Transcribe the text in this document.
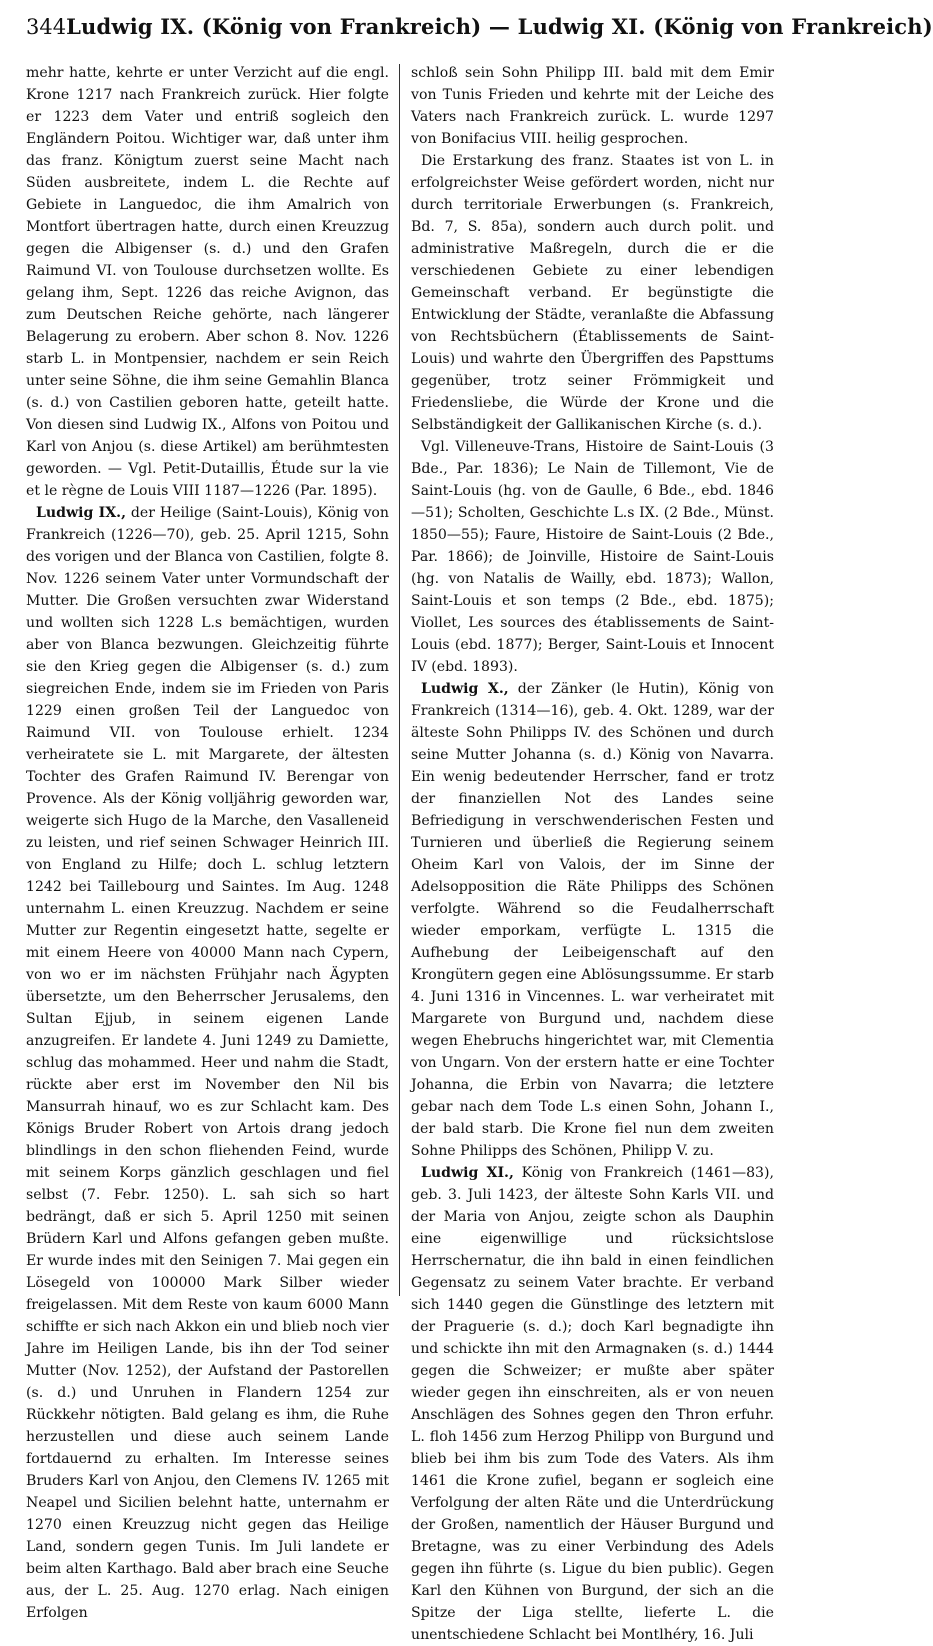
344 Ludwig IX. (König von Frankreich) — Ludwig XI. (König von Frankreich)

mehr hatte, kehrte er unter Verzicht auf die engl. Krone 1217 nach Frankreich zurück. Hier folgte er 1223 dem Vater und entriß sogleich den Engländern Poitou. Wichtiger war, daß unter ihm das franz. Königtum zuerst seine Macht nach Süden ausbreitete, indem L. die Rechte auf Gebiete in Languedoc, die ihm Amalrich von Montfort übertragen hatte, durch einen Kreuzzug gegen die Albigenser (s. d.) und den Grafen Raimund VI. von Toulouse durchsetzen wollte. Es gelang ihm, Sept. 1226 das reiche Avignon, das zum Deutschen Reiche gehörte, nach längerer Belagerung zu erobern. Aber schon 8. Nov. 1226 starb L. in Montpensier, nachdem er sein Reich unter seine Söhne, die ihm seine Gemahlin Blanca (s. d.) von Castilien geboren hatte, geteilt hatte. Von diesen sind Ludwig IX., Alfons von Poitou und Karl von Anjou (s. diese Artikel) am berühmtesten geworden. — Vgl. Petit-Dutaillis, Étude sur la vie et le règne de Louis VIII 1187—1226 (Par. 1895).

Ludwig IX., der Heilige (Saint-Louis), König von Frankreich (1226—70), geb. 25. April 1215, Sohn des vorigen und der Blanca von Castilien, folgte 8. Nov. 1226 seinem Vater unter Vormundschaft der Mutter. Die Großen versuchten zwar Widerstand und wollten sich 1228 L.s bemächtigen, wurden aber von Blanca bezwungen. Gleichzeitig führte sie den Krieg gegen die Albigenser (s. d.) zum siegreichen Ende, indem sie im Frieden von Paris 1229 einen großen Teil der Languedoc von Raimund VII. von Toulouse erhielt. 1234 verheiratete sie L. mit Margarete, der ältesten Tochter des Grafen Raimund IV. Berengar von Provence. Als der König volljährig geworden war, weigerte sich Hugo de la Marche, den Vasalleneid zu leisten, und rief seinen Schwager Heinrich III. von England zu Hilfe; doch L. schlug letztern 1242 bei Taillebourg und Saintes. Im Aug. 1248 unternahm L. einen Kreuzzug. Nachdem er seine Mutter zur Regentin eingesetzt hatte, segelte er mit einem Heere von 40000 Mann nach Cypern, von wo er im nächsten Frühjahr nach Ägypten übersetzte, um den Beherrscher Jerusalems, den Sultan Ejjub, in seinem eigenen Lande anzugreifen. Er landete 4. Juni 1249 zu Damiette, schlug das mohammed. Heer und nahm die Stadt, rückte aber erst im November den Nil bis Mansurrah hinauf, wo es zur Schlacht kam. Des Königs Bruder Robert von Artois drang jedoch blindlings in den schon fliehenden Feind, wurde mit seinem Korps gänzlich geschlagen und fiel selbst (7. Febr. 1250). L. sah sich so hart bedrängt, daß er sich 5. April 1250 mit seinen Brüdern Karl und Alfons gefangen geben mußte. Er wurde indes mit den Seinigen 7. Mai gegen ein Lösegeld von 100000 Mark Silber wieder freigelassen. Mit dem Reste von kaum 6000 Mann schiffte er sich nach Akkon ein und blieb noch vier Jahre im Heiligen Lande, bis ihn der Tod seiner Mutter (Nov. 1252), der Aufstand der Pastorellen (s. d.) und Unruhen in Flandern 1254 zur Rückkehr nötigten. Bald gelang es ihm, die Ruhe herzustellen und diese auch seinem Lande fortdauernd zu erhalten. Im Interesse seines Bruders Karl von Anjou, den Clemens IV. 1265 mit Neapel und Sicilien belehnt hatte, unternahm er 1270 einen Kreuzzug nicht gegen das Heilige Land, sondern gegen Tunis. Im Juli landete er beim alten Karthago. Bald aber brach eine Seuche aus, der L. 25. Aug. 1270 erlag. Nach einigen Erfolgen

schloß sein Sohn Philipp III. bald mit dem Emir von Tunis Frieden und kehrte mit der Leiche des Vaters nach Frankreich zurück. L. wurde 1297 von Bonifacius VIII. heilig gesprochen.

Die Erstarkung des franz. Staates ist von L. in erfolgreichster Weise gefördert worden, nicht nur durch territoriale Erwerbungen (s. Frankreich, Bd. 7, S. 85a), sondern auch durch polit. und administrative Maßregeln, durch die er die verschiedenen Gebiete zu einer lebendigen Gemeinschaft verband. Er begünstigte die Entwicklung der Städte, veranlaßte die Abfassung von Rechtsbüchern (Établissements de Saint-Louis) und wahrte den Übergriffen des Papsttums gegenüber, trotz seiner Frömmigkeit und Friedensliebe, die Würde der Krone und die Selbständigkeit der Gallikanischen Kirche (s. d.).

Vgl. Villeneuve-Trans, Histoire de Saint-Louis (3 Bde., Par. 1836); Le Nain de Tillemont, Vie de Saint-Louis (hg. von de Gaulle, 6 Bde., ebd. 1846—51); Scholten, Geschichte L.s IX. (2 Bde., Münst. 1850—55); Faure, Histoire de Saint-Louis (2 Bde., Par. 1866); de Joinville, Histoire de Saint-Louis (hg. von Natalis de Wailly, ebd. 1873); Wallon, Saint-Louis et son temps (2 Bde., ebd. 1875); Viollet, Les sources des établissements de Saint-Louis (ebd. 1877); Berger, Saint-Louis et Innocent IV (ebd. 1893).

Ludwig X., der Zänker (le Hutin), König von Frankreich (1314—16), geb. 4. Okt. 1289, war der älteste Sohn Philipps IV. des Schönen und durch seine Mutter Johanna (s. d.) König von Navarra. Ein wenig bedeutender Herrscher, fand er trotz der finanziellen Not des Landes seine Befriedigung in verschwenderischen Festen und Turnieren und überließ die Regierung seinem Oheim Karl von Valois, der im Sinne der Adelsopposition die Räte Philipps des Schönen verfolgte. Während so die Feudalherrschaft wieder emporkam, verfügte L. 1315 die Aufhebung der Leibeigenschaft auf den Krongütern gegen eine Ablösungssumme. Er starb 4. Juni 1316 in Vincennes. L. war verheiratet mit Margarete von Burgund und, nachdem diese wegen Ehebruchs hingerichtet war, mit Clementia von Ungarn. Von der erstern hatte er eine Tochter Johanna, die Erbin von Navarra; die letztere gebar nach dem Tode L.s einen Sohn, Johann I., der bald starb. Die Krone fiel nun dem zweiten Sohne Philipps des Schönen, Philipp V. zu.

Ludwig XI., König von Frankreich (1461—83), geb. 3. Juli 1423, der älteste Sohn Karls VII. und der Maria von Anjou, zeigte schon als Dauphin eine eigenwillige und rücksichtslose Herrschernatur, die ihn bald in einen feindlichen Gegensatz zu seinem Vater brachte. Er verband sich 1440 gegen die Günstlinge des letztern mit der Praguerie (s. d.); doch Karl begnadigte ihn und schickte ihn mit den Armagnaken (s. d.) 1444 gegen die Schweizer; er mußte aber später wieder gegen ihn einschreiten, als er von neuen Anschlägen des Sohnes gegen den Thron erfuhr. L. floh 1456 zum Herzog Philipp von Burgund und blieb bei ihm bis zum Tode des Vaters. Als ihm 1461 die Krone zufiel, begann er sogleich eine Verfolgung der alten Räte und die Unterdrückung der Großen, namentlich der Häuser Burgund und Bretagne, was zu einer Verbindung des Adels gegen ihn führte (s. Ligue du bien public). Gegen Karl den Kühnen von Burgund, der sich an die Spitze der Liga stellte, lieferte L. die unentschiedene Schlacht bei Montlhéry, 16. Juli
